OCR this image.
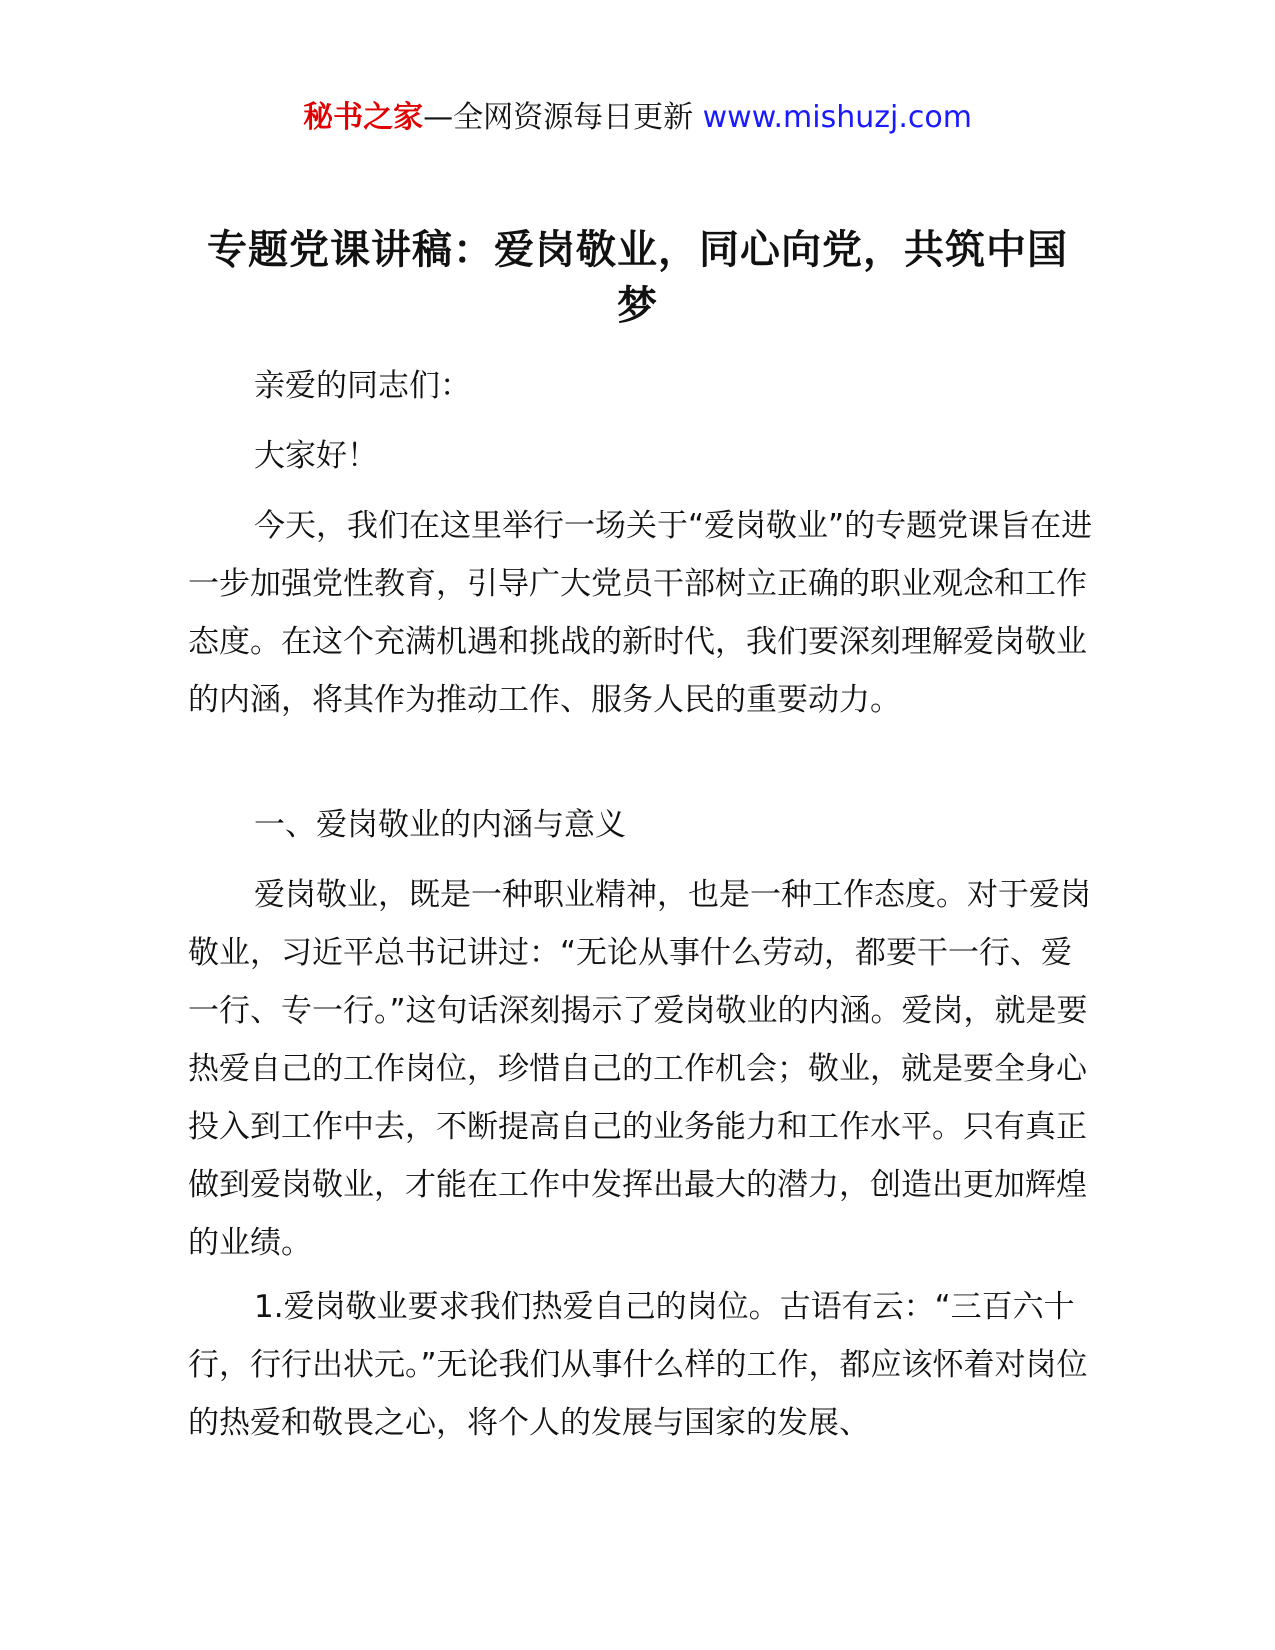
秘书之家—全网资源每日更新 www.mishuzj.com
专题党课讲稿：爱岗敬业，同心向党，共筑中国梦

亲爱的同志们：

大家好！

今天，我们在这里举行一场关于“爱岗敬业”的专题党课旨在进一步加强党性教育，引导广大党员干部树立正确的职业观念和工作态度。在这个充满机遇和挑战的新时代，我们要深刻理解爱岗敬业的内涵，将其作为推动工作、服务人民的重要动力。

一、爱岗敬业的内涵与意义

爱岗敬业，既是一种职业精神，也是一种工作态度。对于爱岗敬业，习近平总书记讲过：“无论从事什么劳动，都要干一行、爱一行、专一行。”这句话深刻揭示了爱岗敬业的内涵。爱岗，就是要热爱自己的工作岗位，珍惜自己的工作机会；敬业，就是要全身心投入到工作中去，不断提高自己的业务能力和工作水平。只有真正做到爱岗敬业，才能在工作中发挥出最大的潜力，创造出更加辉煌的业绩。

1.爱岗敬业要求我们热爱自己的岗位。古语有云：“三百六十行，行行出状元。”无论我们从事什么样的工作，都应该怀着对岗位的热爱和敬畏之心，将个人的发展与国家的发展、
